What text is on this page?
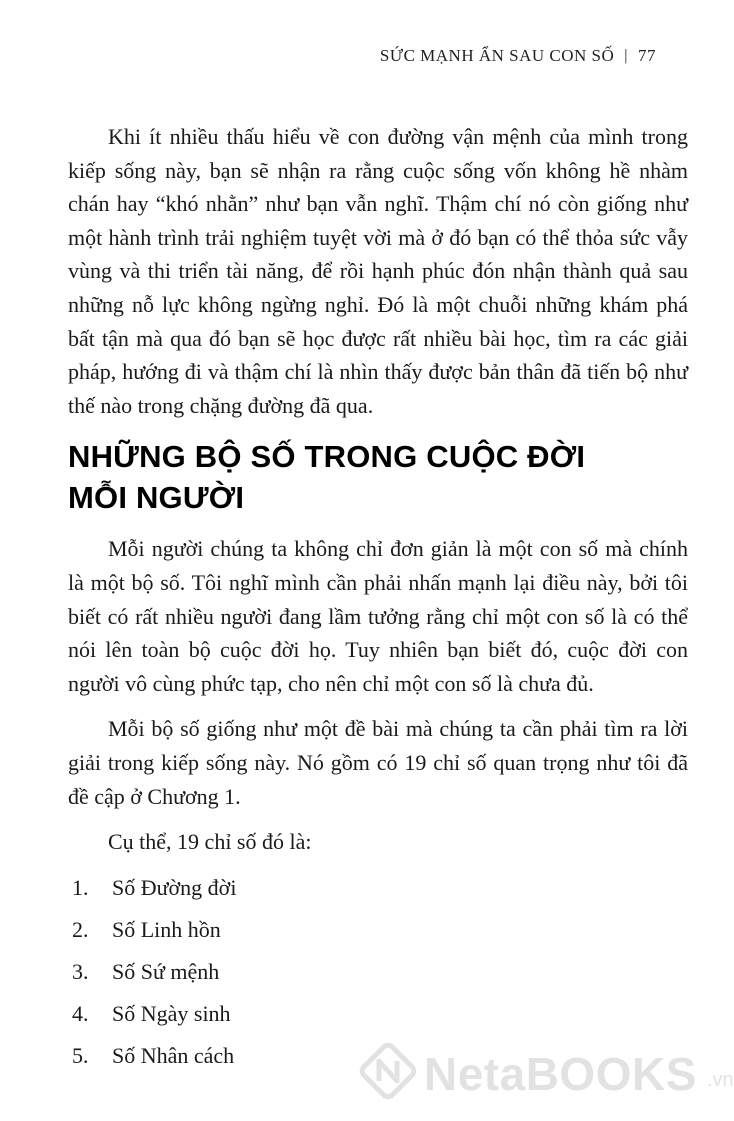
SỨC MẠNH ẨN SAU CON SỐ | 77

Khi ít nhiều thấu hiểu về con đường vận mệnh của mình trong kiếp sống này, bạn sẽ nhận ra rằng cuộc sống vốn không hề nhàm chán hay “khó nhằn” như bạn vẫn nghĩ. Thậm chí nó còn giống như một hành trình trải nghiệm tuyệt vời mà ở đó bạn có thể thỏa sức vẫy vùng và thi triển tài năng, để rồi hạnh phúc đón nhận thành quả sau những nỗ lực không ngừng nghỉ. Đó là một chuỗi những khám phá bất tận mà qua đó bạn sẽ học được rất nhiều bài học, tìm ra các giải pháp, hướng đi và thậm chí là nhìn thấy được bản thân đã tiến bộ như thế nào trong chặng đường đã qua.

NHỮNG BỘ SỐ TRONG CUỘC ĐỜI
MỖI NGƯỜI

Mỗi người chúng ta không chỉ đơn giản là một con số mà chính là một bộ số. Tôi nghĩ mình cần phải nhấn mạnh lại điều này, bởi tôi biết có rất nhiều người đang lầm tưởng rằng chỉ một con số là có thể nói lên toàn bộ cuộc đời họ. Tuy nhiên bạn biết đó, cuộc đời con người vô cùng phức tạp, cho nên chỉ một con số là chưa đủ.

Mỗi bộ số giống như một đề bài mà chúng ta cần phải tìm ra lời giải trong kiếp sống này. Nó gồm có 19 chỉ số quan trọng như tôi đã đề cập ở Chương 1.

Cụ thể, 19 chỉ số đó là:

1.	Số Đường đời
2.	Số Linh hồn
3.	Số Sứ mệnh
4.	Số Ngày sinh
5.	Số Nhân cách	NetaBOOKS .vn
